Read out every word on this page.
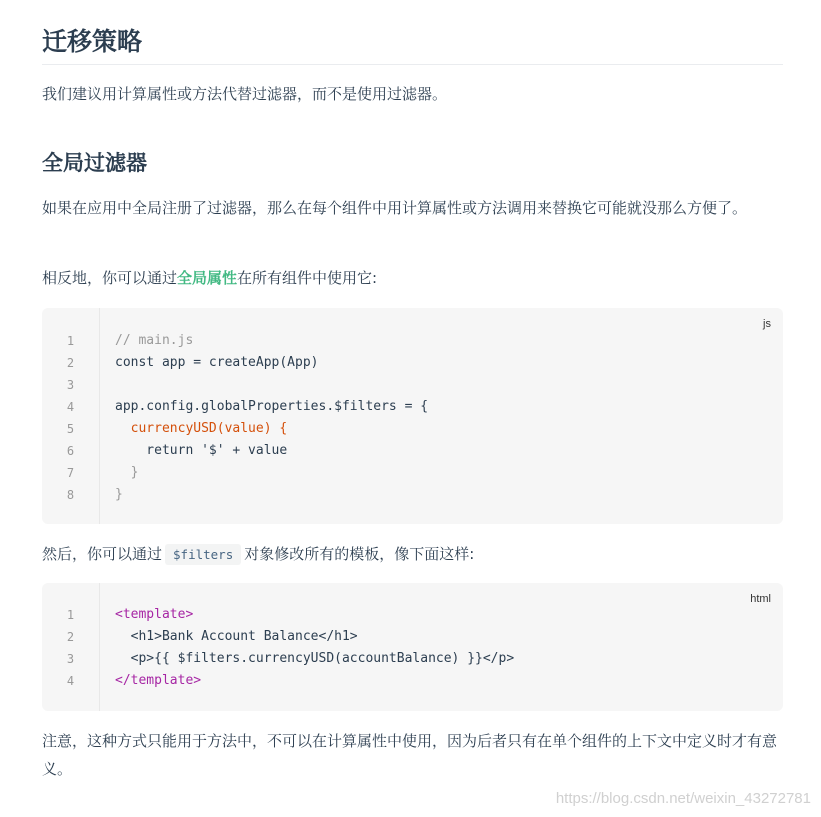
迁移策略

我们建议用计算属性或方法代替过滤器，而不是使用过滤器。

全局过滤器

如果在应用中全局注册了过滤器，那么在每个组件中用计算属性或方法调用来替换它可能就没那么方便了。

相反地，你可以通过全局属性在所有组件中使用它:

1
2
3
4
5
6
7
8
js
// main.js
const app = createApp(App)
app.config.globalProperties.$filters = {
currencyUSD(value) {
return '$' + value
}
}

然后，你可以通过 $filters 对象修改所有的模板，像下面这样:

1
2
3
4
html
<template>
<h1>Bank Account Balance</h1>
<p>{{ $filters.currencyUSD(accountBalance) }}</p>
</template>

注意，这种方式只能用于方法中，不可以在计算属性中使用，因为后者只有在单个组件的上下文中定义时才有意义。

https://blog.csdn.net/weixin_43272781
